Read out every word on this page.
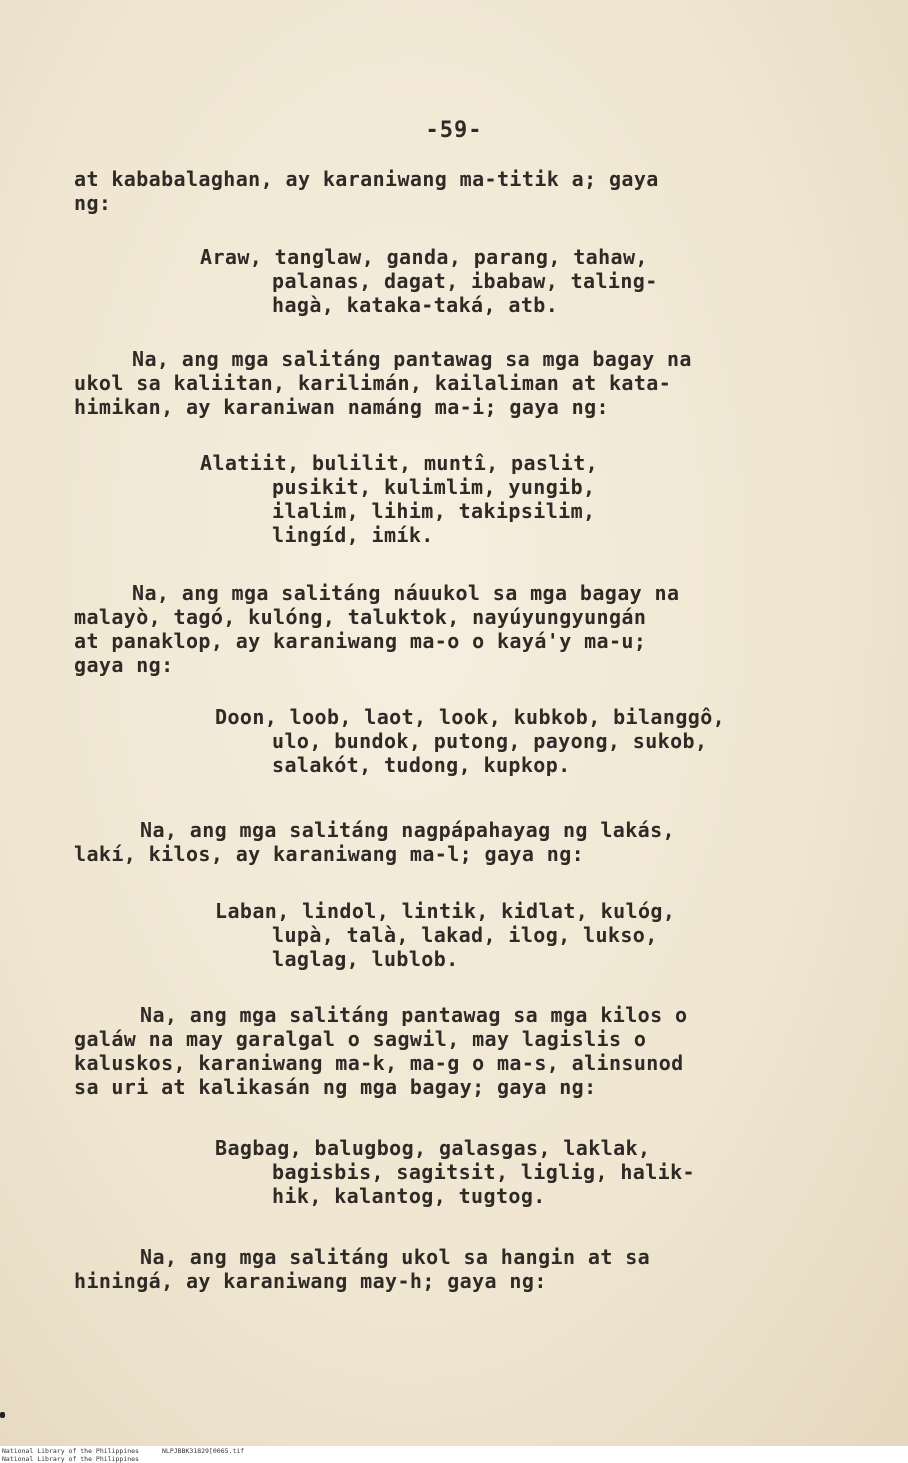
-59-
at kababalaghan, ay karaniwang ma-titik a; gaya
ng:
Araw, tanglaw, ganda, parang, tahaw,
palanas, dagat, ibabaw, taling-
hagà, kataka-taká, atb.
Na, ang mga salitáng pantawag sa mga bagay na
ukol sa kaliitan, karilimán, kailaliman at kata-
himikan, ay karaniwan namáng ma-i; gaya ng:
Alatiit, bulilit, muntî, paslit,
pusikit, kulimlim, yungib,
ilalim, lihim, takipsilim,
lingíd, imík.
Na, ang mga salitáng náuukol sa mga bagay na
malayò, tagó, kulóng, taluktok, nayúyungyungán
at panaklop, ay karaniwang ma-o o kayá'y ma-u;
gaya ng:
Doon, loob, laot, look, kubkob, bilanggô,
ulo, bundok, putong, payong, sukob,
salakót, tudong, kupkop.
Na, ang mga salitáng nagpápahayag ng lakás,
lakí, kilos, ay karaniwang ma-l; gaya ng:
Laban, lindol, lintik, kidlat, kulóg,
lupà, talà, lakad, ilog, lukso,
laglag, lublob.
Na, ang mga salitáng pantawag sa mga kilos o
galáw na may garalgal o sagwil, may lagislis o
kaluskos, karaniwang ma-k, ma-g o ma-s, alinsunod
sa uri at kalikasán ng mga bagay; gaya ng:
Bagbag, balugbog, galasgas, laklak,
bagisbis, sagitsit, liglig, halik-
hik, kalantog, tugtog.
Na, ang mga salitáng ukol sa hangin at sa
hiningá, ay karaniwang may-h; gaya ng:
National Library of the Philippines
National Library of the Philippines
NLPJBBK31829[0065.tif
